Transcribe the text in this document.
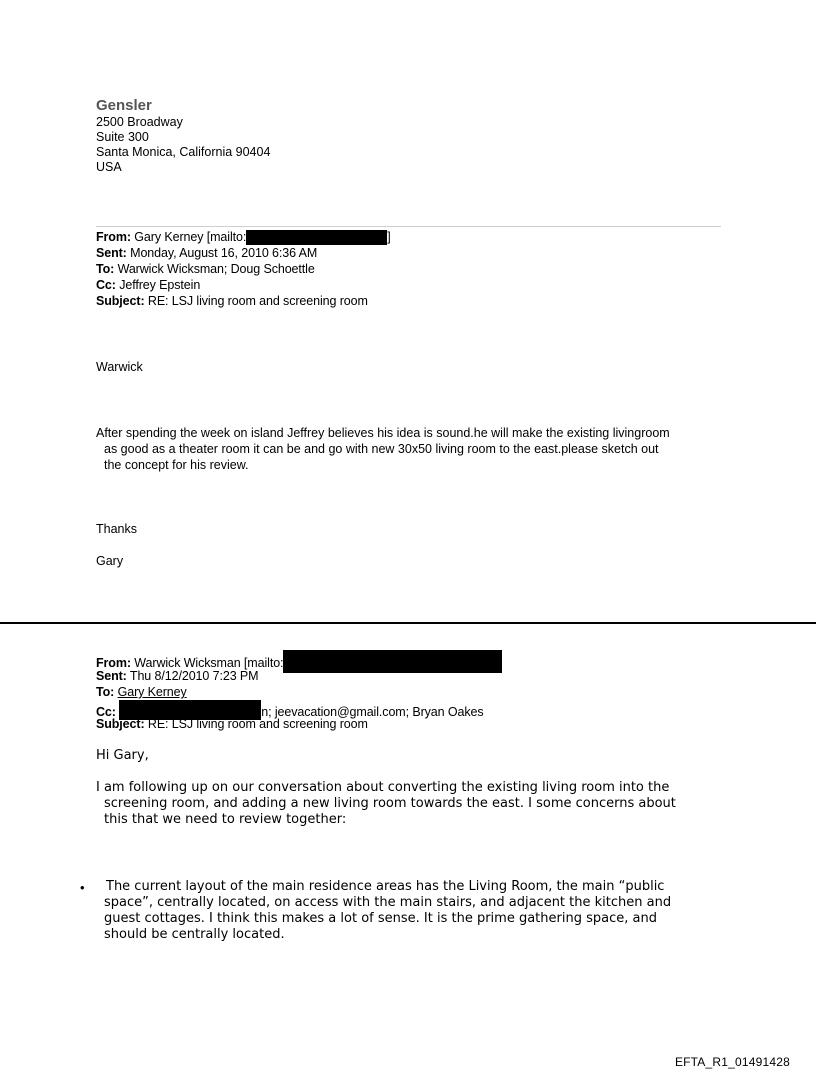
Gensler
2500 Broadway
Suite 300
Santa Monica, California 90404
USA
From: Gary Kerney [mailto:	]
Sent: Monday, August 16, 2010 6:36 AM
To: Warwick Wicksman; Doug Schoettle
Cc: Jeffrey Epstein
Subject: RE: LSJ living room and screening room
Warwick
After spending the week on island Jeffrey believes his idea is sound.he will make the existing livingroom
as good as a theater room it can be and go with new 30x50 living room to the east.please sketch out
the concept for his review.
Thanks
Gary
From: Warwick Wicksman [mailto:
Sent: Thu 8/12/2010 7:23 PM
To: Gary Kerney
Cc:	n; jeevacation@gmail.com; Bryan Oakes
Subject: RE: LSJ living room and screening room
Hi Gary,
I am following up on our conversation about converting the existing living room into the
screening room, and adding a new living room towards the east. I some concerns about
this that we need to review together:
• The current layout of the main residence areas has the Living Room, the main “public
space”, centrally located, on access with the main stairs, and adjacent the kitchen and
guest cottages. I think this makes a lot of sense. It is the prime gathering space, and
should be centrally located.
EFTA_R1_01491428
